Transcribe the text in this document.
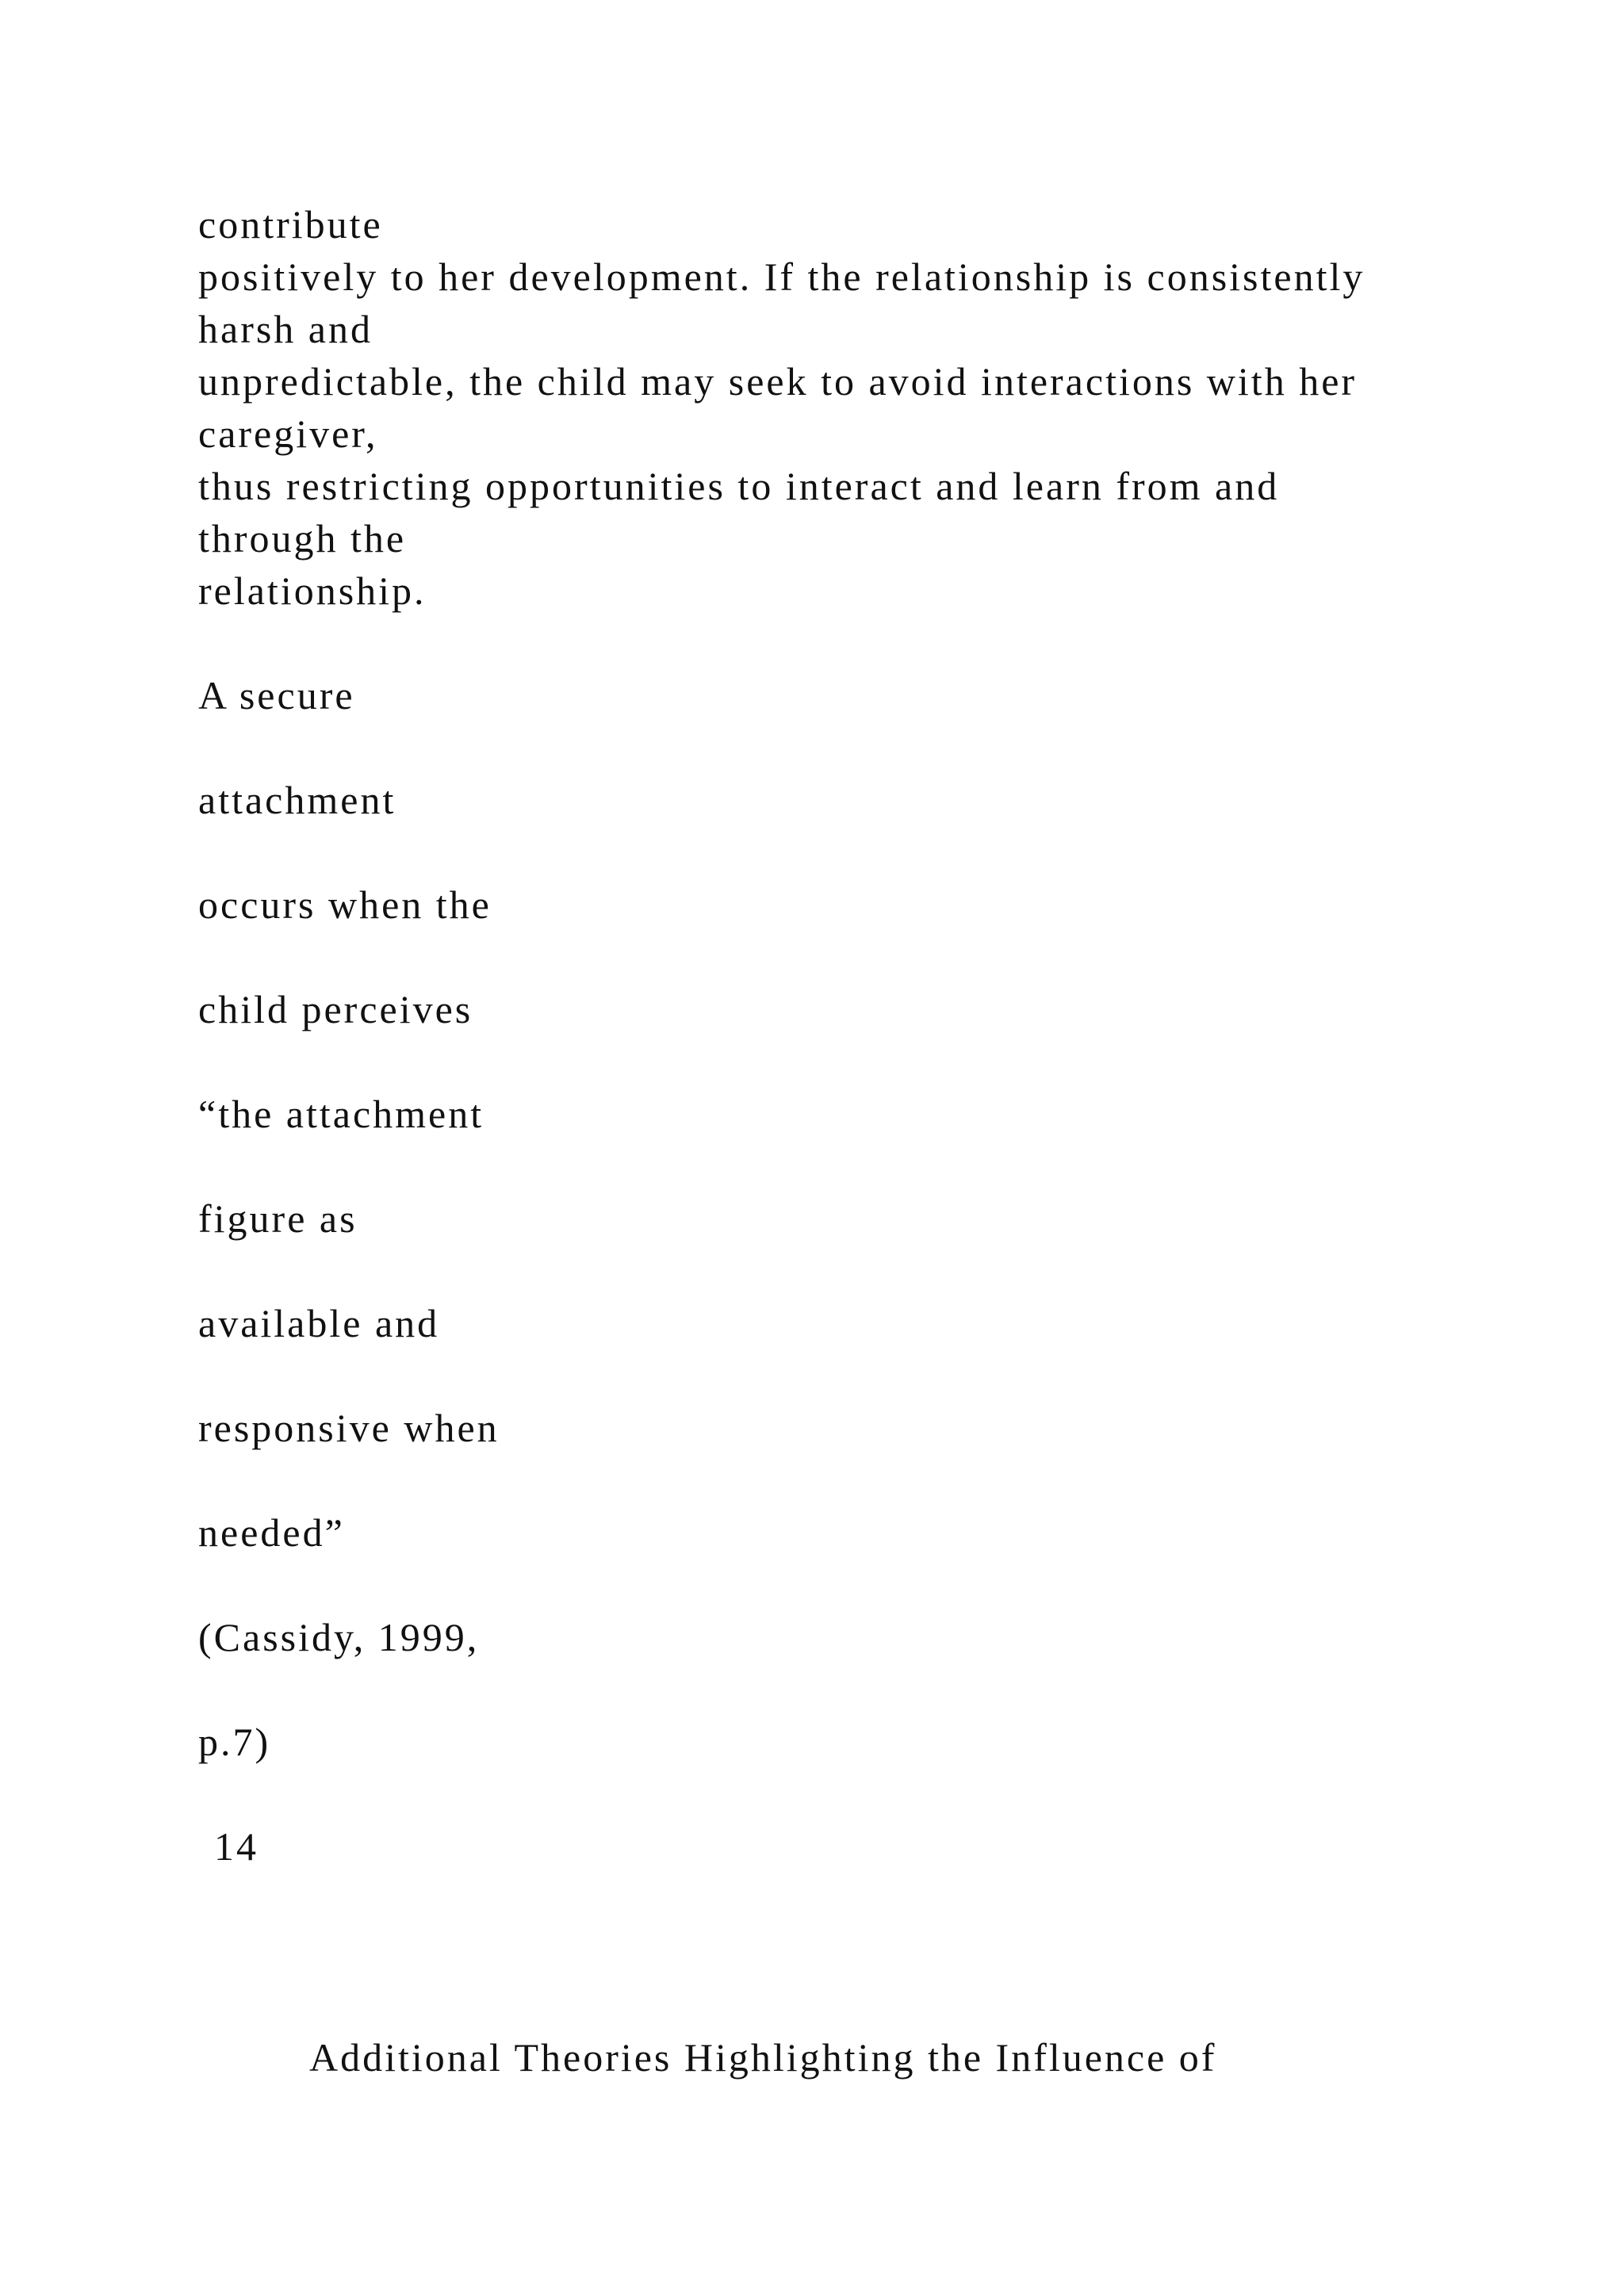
contribute
positively to her development. If the relationship is consistently
harsh and
unpredictable, the child may seek to avoid interactions with her
caregiver,
thus restricting opportunities to interact and learn from and
through the
relationship.
A secure
attachment
occurs when the
child perceives
“the attachment
figure as
available and
responsive when
needed”
(Cassidy, 1999,
p.7)
14
Additional Theories Highlighting the Influence of
